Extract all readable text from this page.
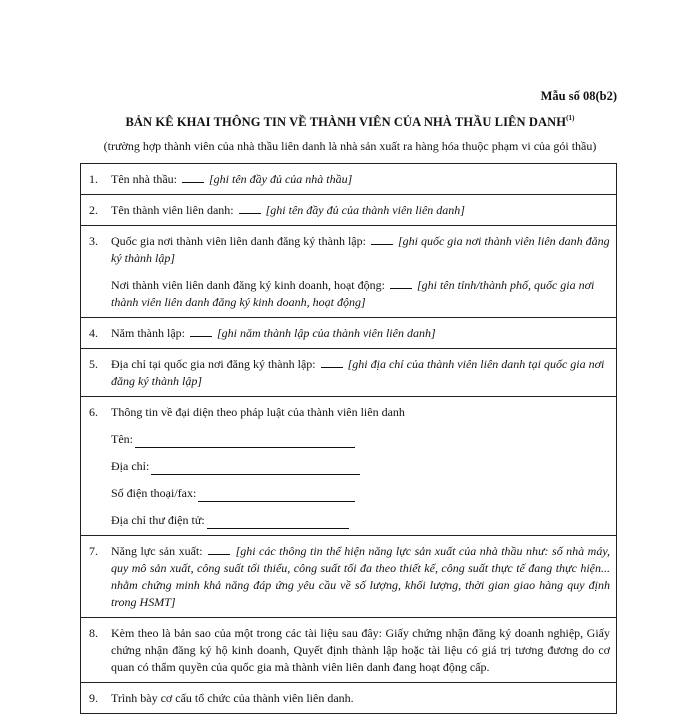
Mẫu số 08(b2)
BẢN KÊ KHAI THÔNG TIN VỀ THÀNH VIÊN CỦA NHÀ THẦU LIÊN DANH$^{(1)}$
(trường hợp thành viên của nhà thầu liên danh là nhà sản xuất ra hàng hóa thuộc phạm vi của gói thầu)
1.	Tên nhà thầu:  [ghi tên đầy đủ của nhà thầu]

2.	Tên thành viên liên danh:  [ghi tên đầy đủ của thành viên liên danh]

3.	Quốc gia nơi thành viên liên danh đăng ký thành lập:  [ghi quốc gia nơi thành viên liên danh đăng ký thành lập]
Nơi thành viên liên danh đăng ký kinh doanh, hoạt động:  [ghi tên tỉnh/thành phố, quốc gia nơi thành viên liên danh đăng ký kinh doanh, hoạt động]

4.	Năm thành lập:  [ghi năm thành lập của thành viên liên danh]

5.	Địa chỉ tại quốc gia nơi đăng ký thành lập:  [ghi địa chỉ của thành viên liên danh tại quốc gia nơi đăng ký thành lập]

6.	Thông tin về đại diện theo pháp luật của thành viên liên danh
Tên:
Địa chỉ:
Số điện thoại/fax:
Địa chỉ thư điện tử:

7.	Năng lực sản xuất:  [ghi các thông tin thể hiện năng lực sản xuất của nhà thầu như: số nhà máy, quy mô sản xuất, công suất tối thiểu, công suất tối đa theo thiết kế, công suất thực tế đang thực hiện... nhằm chứng minh khả năng đáp ứng yêu cầu về số lượng, khối lượng, thời gian giao hàng quy định trong HSMT]

8.	Kèm theo là bản sao của một trong các tài liệu sau đây: Giấy chứng nhận đăng ký doanh nghiệp, Giấy chứng nhận đăng ký hộ kinh doanh, Quyết định thành lập hoặc tài liệu có giá trị tương đương do cơ quan có thẩm quyền của quốc gia mà thành viên liên danh đang hoạt động cấp.

9.	Trình bày cơ cấu tổ chức của thành viên liên danh.
